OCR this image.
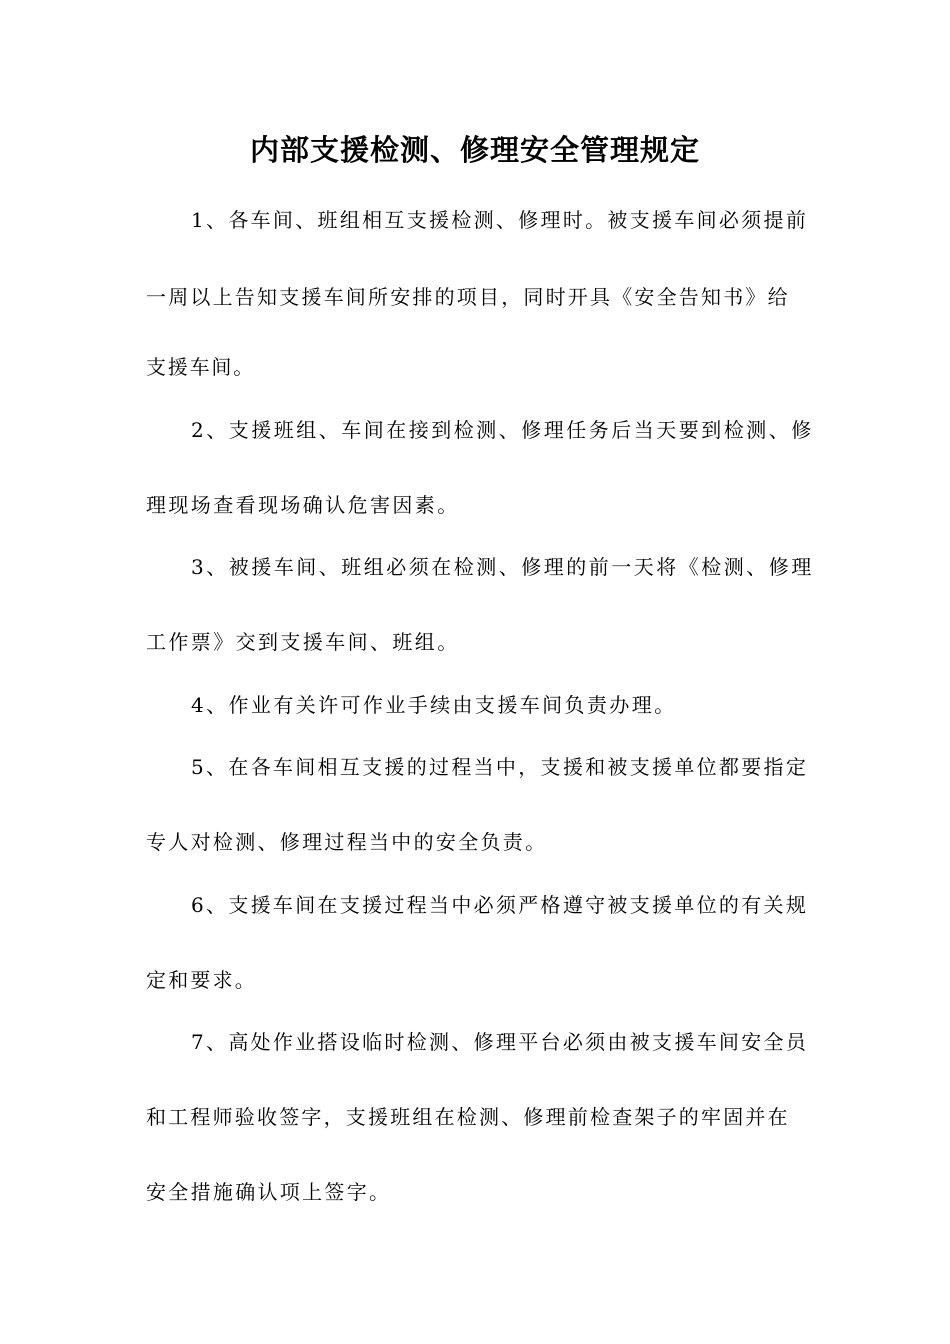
内部支援检测、修理安全管理规定

1、各车间、班组相互支援检测、修理时。被支援车间必须提前

一周以上告知支援车间所安排的项目，同时开具《安全告知书》给

支援车间。

2、支援班组、车间在接到检测、修理任务后当天要到检测、修

理现场查看现场确认危害因素。

3、被援车间、班组必须在检测、修理的前一天将《检测、修理

工作票》交到支援车间、班组。

4、作业有关许可作业手续由支援车间负责办理。

5、在各车间相互支援的过程当中，支援和被支援单位都要指定

专人对检测、修理过程当中的安全负责。

6、支援车间在支援过程当中必须严格遵守被支援单位的有关规

定和要求。

7、高处作业搭设临时检测、修理平台必须由被支援车间安全员

和工程师验收签字，支援班组在检测、修理前检查架子的牢固并在

安全措施确认项上签字。
